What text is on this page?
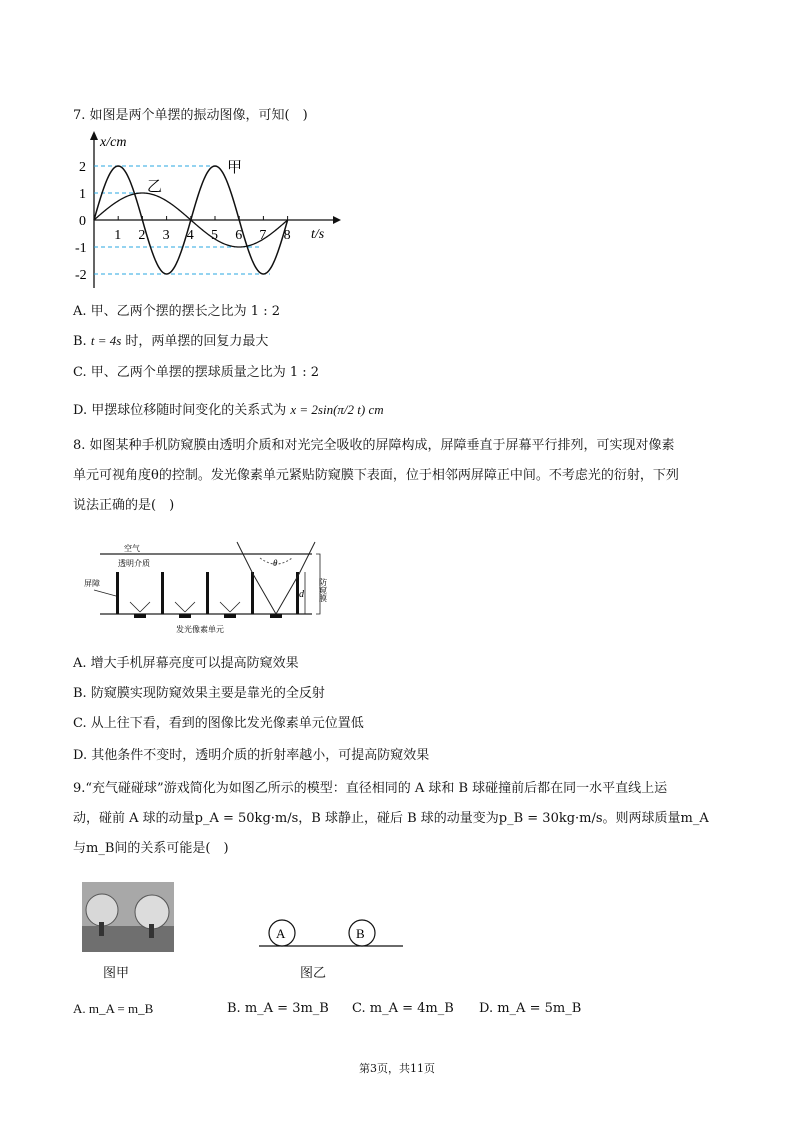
7. 如图是两个单摆的振动图像，可知(　)
x/cm
t/s
2
1
0
-1
-2
1 2 3 4 5 6 7 8
甲
乙
A. 甲、乙两个摆的摆长之比为 1 : 2
B. t = 4s 时，两单摆的回复力最大
C. 甲、乙两个单摆的摆球质量之比为 1 : 2
D. 甲摆球位移随时间变化的关系式为 x = 2sin(π/2 t) cm
8. 如图某种手机防窥膜由透明介质和对光完全吸收的屏障构成，屏障垂直于屏幕平行排列，可实现对像素
单元可视角度θ的控制。发光像素单元紧贴防窥膜下表面，位于相邻两屏障正中间。不考虑光的衍射，下列
说法正确的是(　)
空气
透明介质
屏障
θ
d 防窥膜
发光像素单元
A. 增大手机屏幕亮度可以提高防窥效果
B. 防窥膜实现防窥效果主要是靠光的全反射
C. 从上往下看，看到的图像比发光像素单元位置低
D. 其他条件不变时，透明介质的折射率越小，可提高防窥效果
9.“充气碰碰球”游戏简化为如图乙所示的模型：直径相同的 A 球和 B 球碰撞前后都在同一水平直线上运
动，碰前 A 球的动量p_A = 50kg·m/s，B 球静止，碰后 B 球的动量变为p_B = 30kg·m/s。则两球质量m_A
与m_B间的关系可能是(　)
图甲
A	B
图乙
A. m_A = m_B	B. m_A = 3m_B C. m_A = 4m_B D. m_A = 5m_B
第3页，共11页
